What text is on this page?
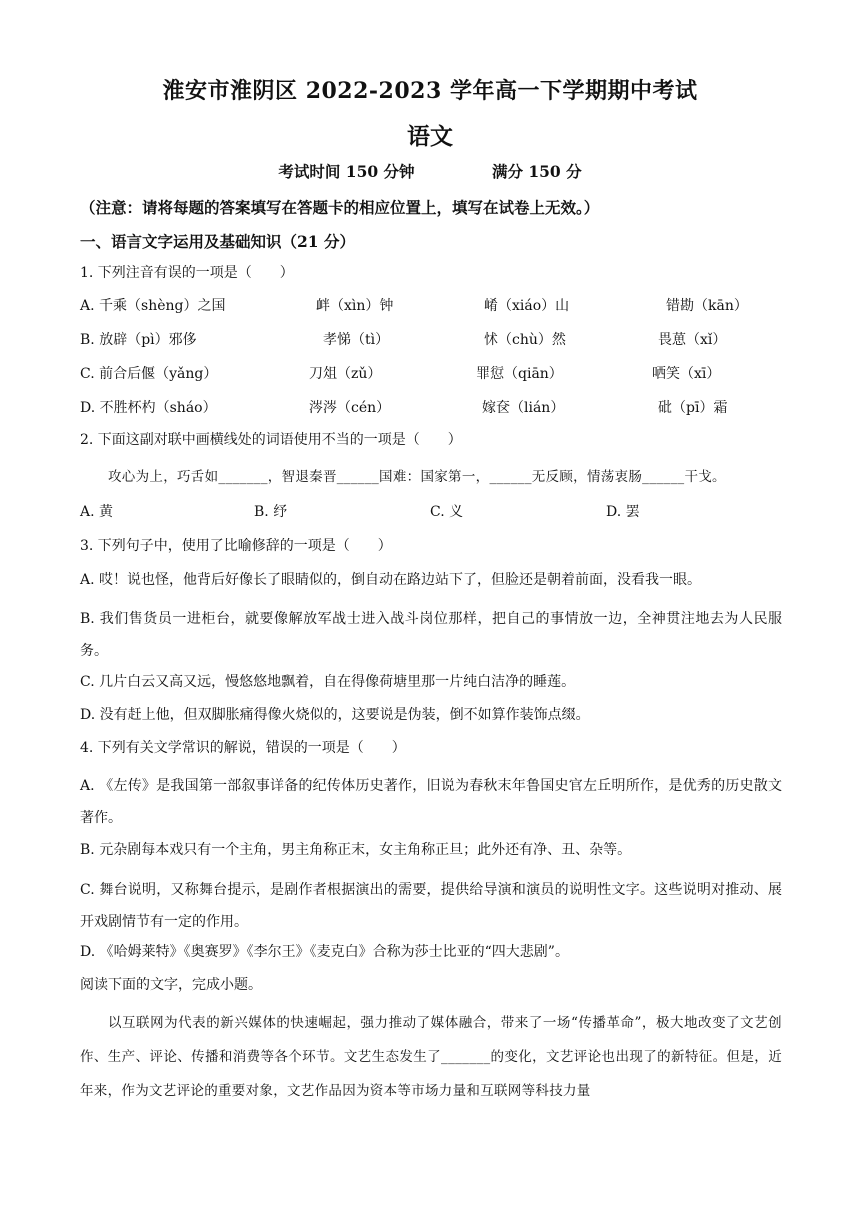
淮安市淮阴区 2022-2023 学年高一下学期期中考试
语文
考试时间 150 分钟	满分 150 分
（注意：请将每题的答案填写在答题卡的相应位置上，填写在试卷上无效。）
一、语言文字运用及基础知识（21 分）
1. 下列注音有误的一项是（　　）
A. 千乘（shèng）之国	衅（xìn）钟	崤（xiáo）山	错勘（kān）
B. 放辟（pì）邪侈	孝悌（tì）	怵（chù）然	畏葸（xǐ）
C. 前合后偃（yǎng）	刀俎（zǔ）	罪愆（qiān）	哂笑（xī）
D. 不胜杯杓（sháo）	涔涔（cén）	嫁奁（lián）	砒（pī）霜
2. 下面这副对联中画横线处的词语使用不当的一项是（　　）
攻心为上，巧舌如_______，智退秦晋______国难：国家第一，______无反顾，情荡衷肠______干戈。
A. 黄	B. 纾	C. 义	D. 罢
3. 下列句子中，使用了比喻修辞的一项是（　　）
A. 哎！说也怪，他背后好像长了眼睛似的，倒自动在路边站下了，但脸还是朝着前面，没看我一眼。
B. 我们售货员一进柜台，就要像解放军战士进入战斗岗位那样，把自己的事情放一边，全神贯注地去为人民服务。
C. 几片白云又高又远，慢悠悠地飘着，自在得像荷塘里那一片纯白洁净的睡莲。
D. 没有赶上他，但双脚胀痛得像火烧似的，这要说是伪装，倒不如算作装饰点缀。
4. 下列有关文学常识的解说，错误的一项是（　　）
A. 《左传》是我国第一部叙事详备的纪传体历史著作，旧说为春秋末年鲁国史官左丘明所作，是优秀的历史散文著作。
B. 元杂剧每本戏只有一个主角，男主角称正末，女主角称正旦；此外还有净、丑、杂等。
C. 舞台说明，又称舞台提示，是剧作者根据演出的需要，提供给导演和演员的说明性文字。这些说明对推动、展开戏剧情节有一定的作用。
D. 《哈姆莱特》《奥赛罗》《李尔王》《麦克白》合称为莎士比亚的“四大悲剧”。
阅读下面的文字，完成小题。
以互联网为代表的新兴媒体的快速崛起，强力推动了媒体融合，带来了一场“传播革命”，极大地改变了文艺创作、生产、评论、传播和消费等各个环节。文艺生态发生了_______的变化，文艺评论也出现了的新特征。但是，近年来，作为文艺评论的重要对象，文艺作品因为资本等市场力量和互联网等科技力量
